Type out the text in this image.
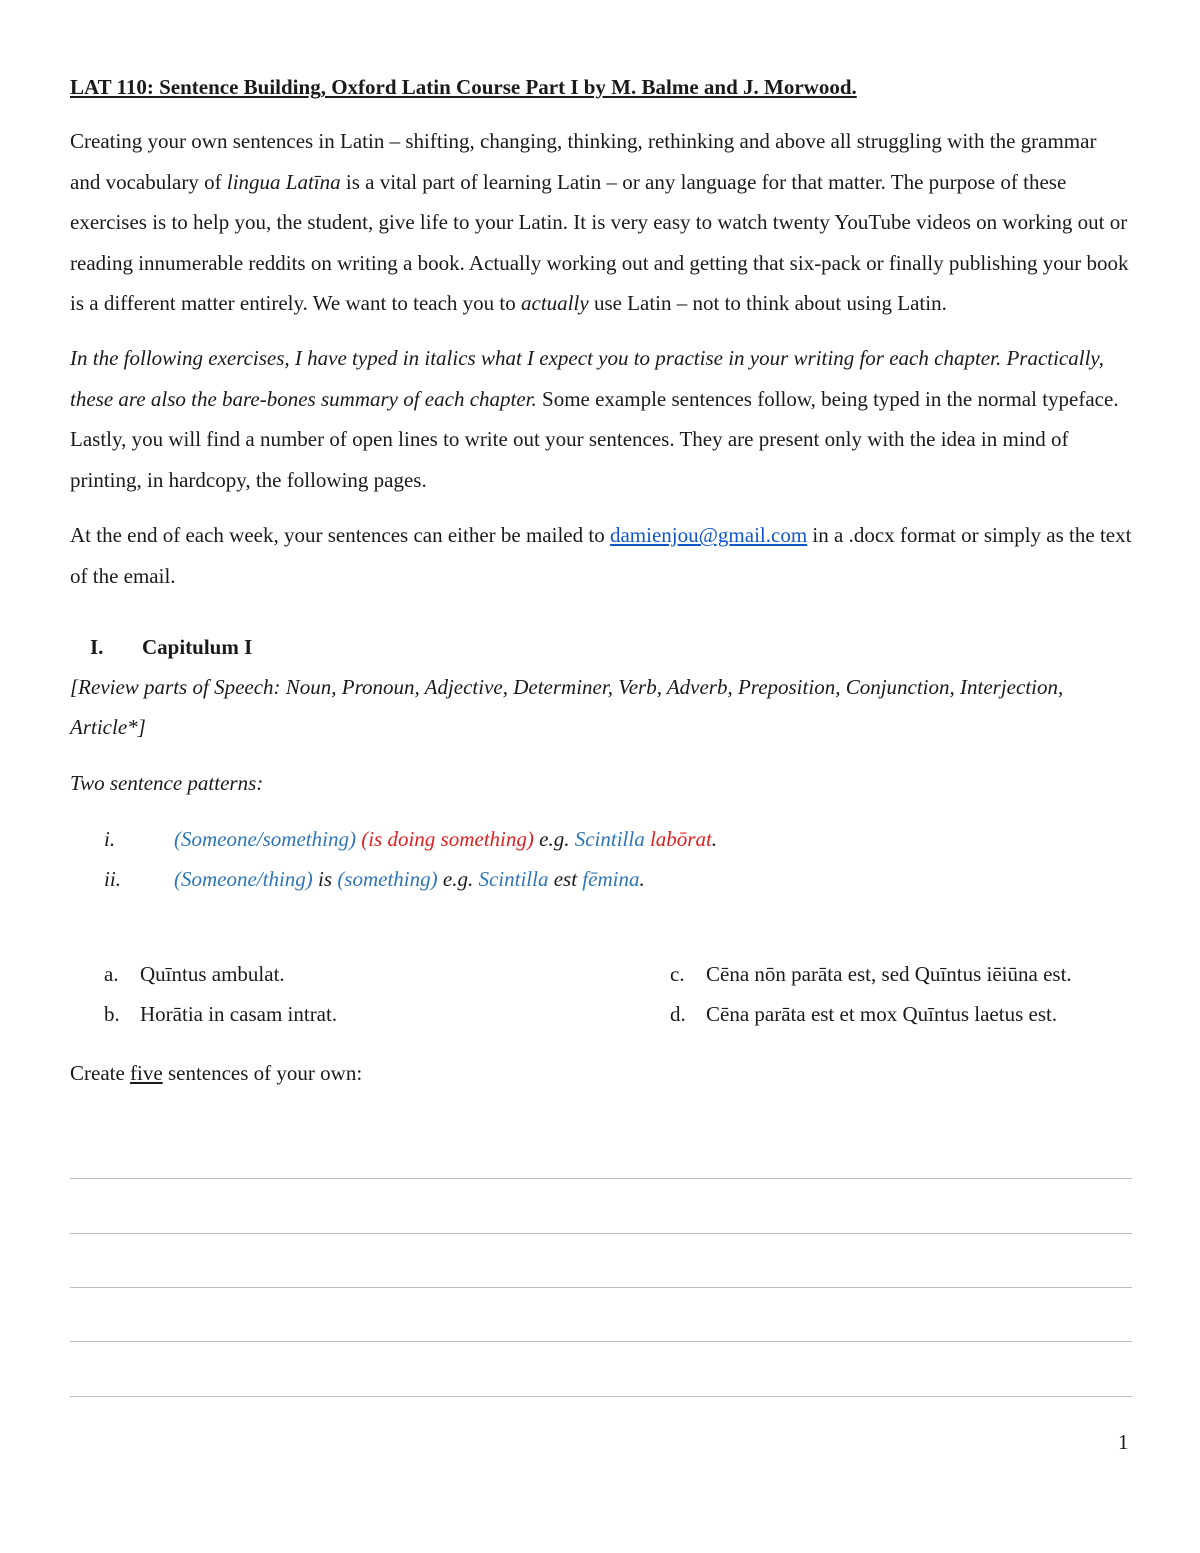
LAT 110: Sentence Building, Oxford Latin Course Part I by M. Balme and J. Morwood.

Creating your own sentences in Latin – shifting, changing, thinking, rethinking and above all struggling with the grammar and vocabulary of lingua Latīna is a vital part of learning Latin – or any language for that matter. The purpose of these exercises is to help you, the student, give life to your Latin. It is very easy to watch twenty YouTube videos on working out or reading innumerable reddits on writing a book. Actually working out and getting that six-pack or finally publishing your book is a different matter entirely. We want to teach you to actually use Latin – not to think about using Latin.

In the following exercises, I have typed in italics what I expect you to practise in your writing for each chapter. Practically, these are also the bare-bones summary of each chapter. Some example sentences follow, being typed in the normal typeface. Lastly, you will find a number of open lines to write out your sentences. They are present only with the idea in mind of printing, in hardcopy, the following pages.

At the end of each week, your sentences can either be mailed to damienjou@gmail.com in a .docx format or simply as the text of the email.

I. Capitulum I

[Review parts of Speech: Noun, Pronoun, Adjective, Determiner, Verb, Adverb, Preposition, Conjunction, Interjection, Article*]

Two sentence patterns:
i.	(Someone/something) (is doing something) e.g. Scintilla labōrat.
ii.	(Someone/thing) is (something) e.g. Scintilla est fēmina.
a. Quīntus ambulat.
b. Horātia in casam intrat.
c. Cēna nōn parāta est, sed Quīntus iēiūna est.
d. Cēna parāta est et mox Quīntus laetus est.
Create five sentences of your own:
1
